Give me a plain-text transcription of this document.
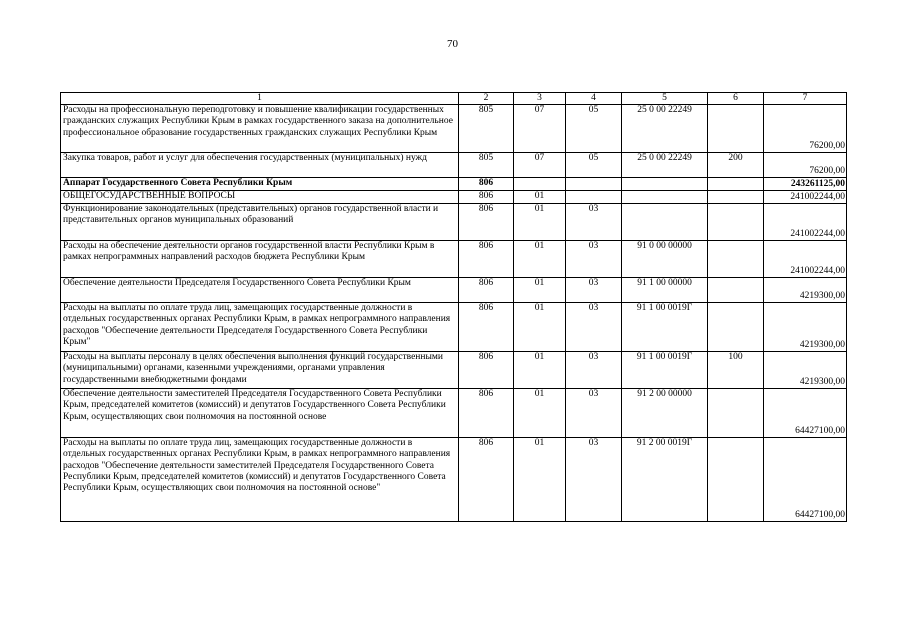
70
1	2	3	4	5	6	7
Расходы на профессиональную переподготовку и повышение квалификации государственных гражданских служащих Республики Крым в рамках государственного заказа на дополнительное профессиональное образование государственных гражданских служащих Республики Крым	805	07	05	25 0 00 22249		76200,00
Закупка товаров, работ и услуг для обеспечения государственных (муниципальных) нужд	805	07	05	25 0 00 22249	200	76200,00
Аппарат Государственного Совета Республики Крым	806					243261125,00
ОБЩЕГОСУДАРСТВЕННЫЕ ВОПРОСЫ	806	01				241002244,00
Функционирование законодательных (представительных) органов государственной власти и представительных органов муниципальных образований	806	01	03			241002244,00
Расходы на обеспечение деятельности органов государственной власти Республики Крым в рамках непрограммных направлений расходов бюджета Республики Крым	806	01	03	91 0 00 00000		241002244,00
Обеспечение деятельности Председателя Государственного Совета Республики Крым	806	01	03	91 1 00 00000		4219300,00
Расходы на выплаты по оплате труда лиц, замещающих государственные должности в отдельных государственных органах Республики Крым, в рамках непрограммного направления расходов "Обеспечение деятельности Председателя Государственного Совета Республики Крым"	806	01	03	91 1 00 0019Г		4219300,00
Расходы на выплаты персоналу в целях обеспечения выполнения функций государственными (муниципальными) органами, казенными учреждениями, органами управления государственными внебюджетными фондами	806	01	03	91 1 00 0019Г	100	4219300,00
Обеспечение деятельности заместителей Председателя Государственного Совета Республики Крым, председателей комитетов (комиссий) и депутатов Государственного Совета Республики Крым, осуществляющих свои полномочия на постоянной основе	806	01	03	91 2 00 00000		64427100,00
Расходы на выплаты по оплате труда лиц, замещающих государственные должности в отдельных государственных органах Республики Крым, в рамках непрограммного направления расходов "Обеспечение деятельности заместителей Председателя Государственного Совета Республики Крым, председателей комитетов (комиссий) и депутатов Государственного Совета Республики Крым, осуществляющих свои полномочия на постоянной основе"	806	01	03	91 2 00 0019Г		64427100,00
